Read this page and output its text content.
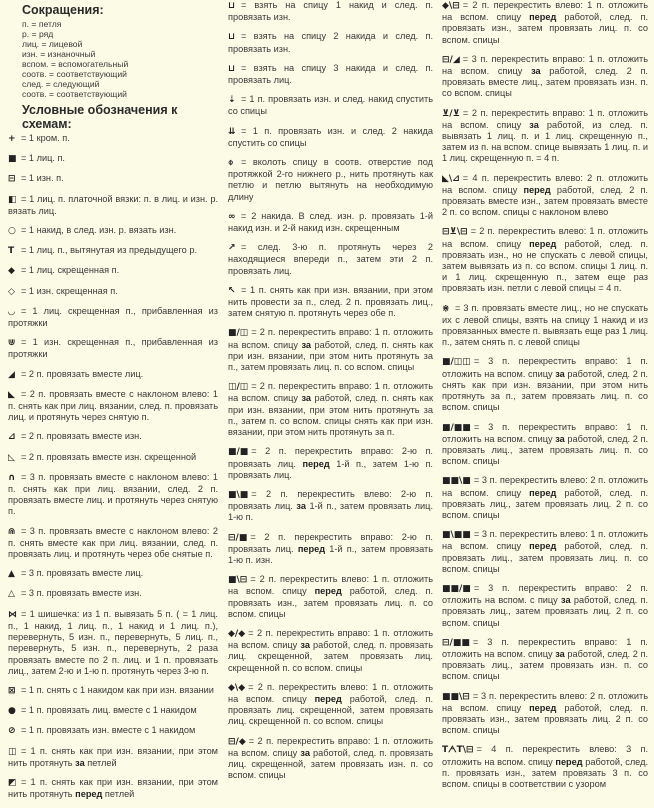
Сокращения:
п. = петля
р. = ряд
лиц. = лицевой
изн. = изнаночный
вспом. = вспомогательный
соотв. = соответствующий
след. = следующий
соотв. = соответствующий
Условные обозначения к схемам:
+ = 1 кром. п.
■ = 1 лиц. п.
⊟ = 1 изн. п.
◧ = 1 лиц. п. платочной вязки: п. в лиц. и изн. р. вязать лиц.
○ = 1 накид, в след. изн. р. вязать изн.
T = 1 лиц. п., вытянутая из предыдущего р.
◆ = 1 лиц. скрещенная п.
◇ = 1 изн. скрещенная п.
◡ = 1 лиц. скрещенная п., прибавленная из протяжки
⋓ = 1 изн. скрещенная п., прибавленная из протяжки
◢ = 2 п. провязать вместе лиц.
◣ = 2 п. провязать вместе с наклоном влево: 1 п. снять как при лиц. вязании, след. п. провязать лиц. и протянуть через снятую п.
⊿ = 2 п. провязать вместе изн.
◺ = 2 п. провязать вместе изн. скрещенной
∩ = 3 п. провязать вместе с наклоном влево: 1 п. снять как при лиц. вязании, след. 2 п. провязать вместе лиц. и протянуть через снятую п.
⋒ = 3 п. провязать вместе с наклоном влево: 2 п. снять вместе как при лиц. вязании, след. п. провязать лиц. и протянуть через обе снятые п.
▲ = 3 п. провязать вместе лиц.
△ = 3 п. провязать вместе изн.
⋈ = 1 шишечка: из 1 п. вывязать 5 п. ( = 1 лиц. п., 1 накид, 1 лиц. п., 1 накид и 1 лиц. п.), перевернуть, 5 изн. п., перевернуть, 5 лиц. п., перевернуть, 5 изн. п., перевернуть, 2 раза провязать вместе по 2 п. лиц. и 1 п. провязать лиц., затем 2-ю и 1-ю п. протянуть через 3-ю п.
⊠ = 1 п. снять с 1 накидом как при изн. вязании
● = 1 п. провязать лиц. вместе с 1 накидом
⊘ = 1 п. провязать изн. вместе с 1 накидом
◫ = 1 п. снять как при изн. вязании, при этом нить протянуть за петлей
◩ = 1 п. снять как при изн. вязании, при этом нить протянуть перед петлей
⊔ = взять на спицу 1 накид и след. п. провязать изн.
⊔ = взять на спицу 2 накида и след. п. провязать изн.
⊔ = взять на спицу 3 накида и след. п. провязать лиц.
⇣ = 1 п. провязать изн. и след. накид спустить со спицы
⇊ = 1 п. провязать изн. и след. 2 накида спустить со спицы
⌽ = вколоть спицу в соотв. отверстие под протяжкой 2-го нижнего р., нить протянуть как петлю и петлю вытянуть на необходимую длину
∞ = 2 накида. В след. изн. р. провязать 1-й накид изн. и 2-й накид изн. скрещенным
↗ = след. 3-ю п. протянуть через 2 находящиеся впереди п., затем эти 2 п. провязать лиц.
↖ = 1 п. снять как при изн. вязании, при этом нить провести за п., след. 2 п. провязать лиц., затем снятую п. протянуть через обе п.
■/◫ = 2 п. перекрестить вправо: 1 п. отложить на вспом. спицу за работой, след. п. снять как при изн. вязании, при этом нить протянуть за п., затем провязать лиц. п. со вспом. спицы
◫/◫ = 2 п. перекрестить вправо: 1 п. отложить на вспом. спицу за работой, след. п. снять как при изн. вязании, при этом нить протянуть за п., затем п. со вспом. спицы снять как при изн. вязании, при этом нить протянуть за п.
■/■ = 2 п. перекрестить вправо: 2-ю п. провязать лиц. перед 1-й п., затем 1-ю п. провязать лиц.
■\■ = 2 п. перекрестить влево: 2-ю п. провязать лиц. за 1-й п., затем провязать лиц. 1-ю п.
⊟/■ = 2 п. перекрестить вправо: 2-ю п. провязать лиц. перед 1-й п., затем провязать 1-ю п. изн.
■\⊟ = 2 п. перекрестить влево: 1 п. отложить на вспом. спицу перед работой, след. п. провязать изн., затем провязать лиц. п. со вспом. спицы
◆/◆ = 2 п. перекрестить вправо: 1 п. отложить на вспом. спицу за работой, след. п. провязать лиц. скрещенной, затем провязать лиц. скрещенной п. со вспом. спицы
◆\◆ = 2 п. перекрестить влево: 1 п. отложить на вспом. спицу перед работой, след. п. провязать лиц. скрещенной, затем провязать лиц. скрещенной п. со вспом. спицы
⊟/◆ = 2 п. перекрестить вправо: 1 п. отложить на вспом. спицу за работой, след. п. провязать лиц. скрещенной, затем провязать изн. п. со вспом. спицы
◆\⊟ = 2 п. перекрестить влево: 1 п. отложить на вспом. спицу перед работой, след. п. провязать изн., затем провязать лиц. п. со вспом. спицы
⊟/◢ = 3 п. перекрестить вправо: 1 п. отложить на вспом. спицу за работой, след. 2 п. провязать вместе лиц., затем провязать изн. п. со вспом. спицы
⊻/⊻ = 2 п. перекрестить вправо: 1 п. отложить на вспом. спицу за работой, из след. п. вывязать 1 лиц. п. и 1 лиц. скрещенную п., затем из п. на вспом. спице вывязать 1 лиц. п. и 1 лиц. скрещенную п. = 4 п.
◣\⊿ = 4 п. перекрестить влево: 2 п. отложить на вспом. спицу перед работой, след. 2 п. провязать вместе изн., затем провязать вместе 2 п. со вспом. спицы с наклоном влево
⊟⊻\⊟ = 2 п. перекрестить влево: 1 п. отложить на вспом. спицу перед работой, след. п. провязать изн., но не спускать с левой спицы, затем вывязать из п. со вспом. спицы 1 лиц. п. и 1 лиц. скрещенную п., затем еще раз провязать изн. петли с левой спицы = 4 п.
⋇ = 3 п. провязать вместе лиц., но не спускать их с левой спицы, взять на спицу 1 накид и из провязанных вместе п. вывязать еще раз 1 лиц. п., затем снять п. с левой спицы
■/◫◫ = 3 п. перекрестить вправо: 1 п. отложить на вспом. спицу за работой, след. 2 п. снять как при изн. вязании, при этом нить протянуть за п., затем провязать лиц. п. со вспом. спицы
■/■■ = 3 п. перекрестить вправо: 1 п. отложить на вспом. спицу за работой, след. 2 п. провязать лиц., затем провязать лиц. п. со вспом. спицы
■■\■ = 3 п. перекрестить влево: 2 п. отложить на вспом. спицу перед работой, след. п. провязать лиц., затем провязать лиц. 2 п. со вспом. спицы
■\■■ = 3 п. перекрестить влево: 1 п. отложить на вспом. спицу перед работой, след. п. провязать лиц., затем провязать лиц. п. со вспом. спицы
■■/■ = 3 п. перекрестить вправо: 2 п. отложить на вспом. с пицу за работой, след. п. провязать лиц., затем провязать лиц. 2 п. со вспом. спицы
⊟/■■ = 3 п. перекрестить вправо: 1 п. отложить на вспом. спицу за работой, след. 2 п. провязать лиц., затем провязать изн. п. со вспом. спицы
■■\⊟ = 3 п. перекрестить влево: 2 п. отложить на вспом. спицу перед работой, след. п. провязать изн., затем провязать лиц. 2 п. со вспом. спицы
TᗅT\⊟ = 4 п. перекрестить влево: 3 п. отложить на вспом. спицу перед работой, след. п. провязать изн., затем провязать 3 п. со вспом. спицы в соответствии с узором
